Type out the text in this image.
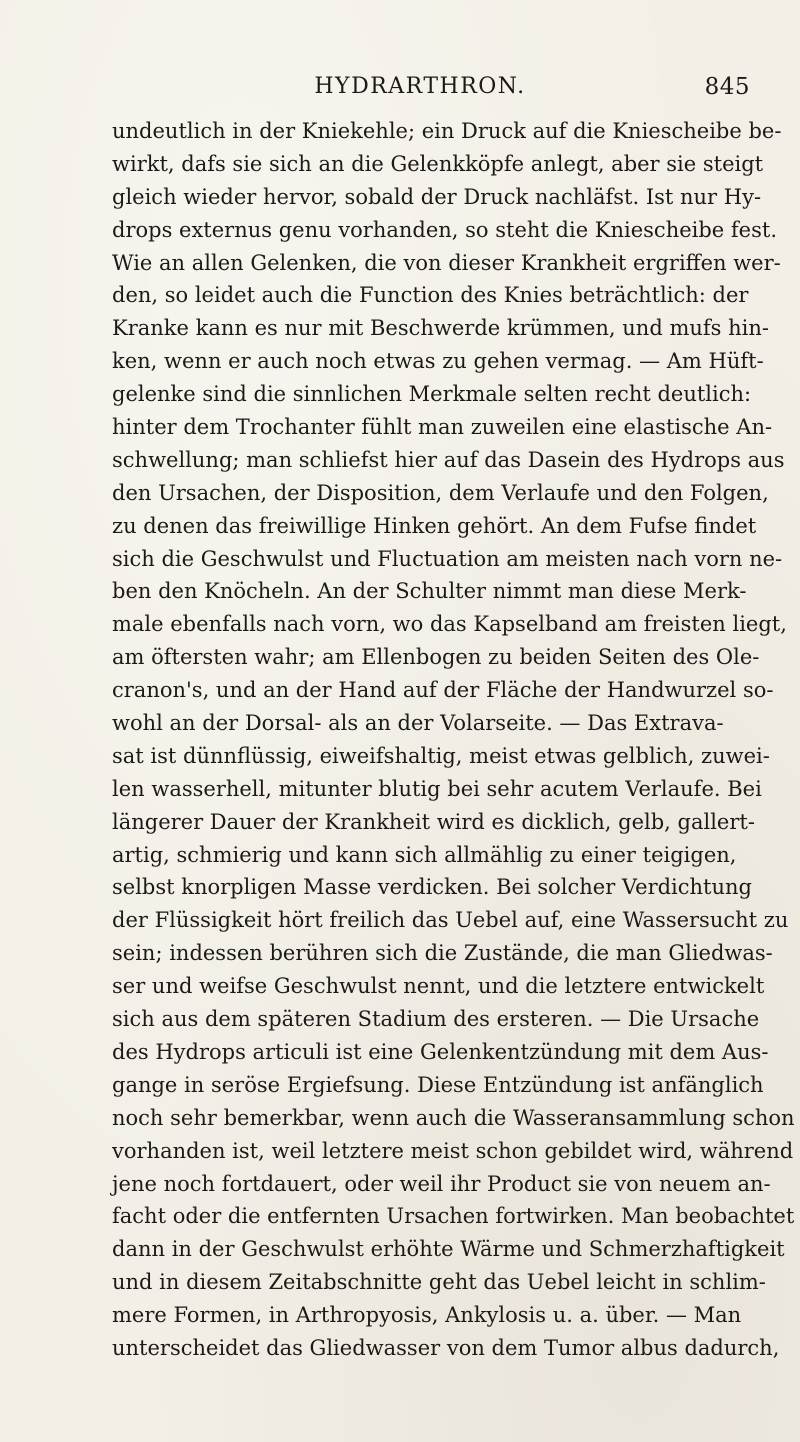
HYDRARTHRON.	845
undeutlich in der Kniekehle; ein Druck auf die Kniescheibe be-
wirkt, dafs sie sich an die Gelenkköpfe anlegt, aber sie steigt
gleich wieder hervor, sobald der Druck nachläfst. Ist nur Hy-
drops externus genu vorhanden, so steht die Kniescheibe fest.
Wie an allen Gelenken, die von dieser Krankheit ergriffen wer-
den, so leidet auch die Function des Knies beträchtlich: der
Kranke kann es nur mit Beschwerde krümmen, und mufs hin-
ken, wenn er auch noch etwas zu gehen vermag. — Am Hüft-
gelenke sind die sinnlichen Merkmale selten recht deutlich:
hinter dem Trochanter fühlt man zuweilen eine elastische An-
schwellung; man schliefst hier auf das Dasein des Hydrops aus
den Ursachen, der Disposition, dem Verlaufe und den Folgen,
zu denen das freiwillige Hinken gehört. An dem Fufse findet
sich die Geschwulst und Fluctuation am meisten nach vorn ne-
ben den Knöcheln. An der Schulter nimmt man diese Merk-
male ebenfalls nach vorn, wo das Kapselband am freisten liegt,
am öftersten wahr; am Ellenbogen zu beiden Seiten des Ole-
cranon's, und an der Hand auf der Fläche der Handwurzel so-
wohl an der Dorsal- als an der Volarseite. — Das Extrava-
sat ist dünnflüssig, eiweifshaltig, meist etwas gelblich, zuwei-
len wasserhell, mitunter blutig bei sehr acutem Verlaufe. Bei
längerer Dauer der Krankheit wird es dicklich, gelb, gallert-
artig, schmierig und kann sich allmählig zu einer teigigen,
selbst knorpligen Masse verdicken. Bei solcher Verdichtung
der Flüssigkeit hört freilich das Uebel auf, eine Wassersucht zu
sein; indessen berühren sich die Zustände, die man Gliedwas-
ser und weifse Geschwulst nennt, und die letztere entwickelt
sich aus dem späteren Stadium des ersteren. — Die Ursache
des Hydrops articuli ist eine Gelenkentzündung mit dem Aus-
gange in seröse Ergiefsung. Diese Entzündung ist anfänglich
noch sehr bemerkbar, wenn auch die Wasseransammlung schon
vorhanden ist, weil letztere meist schon gebildet wird, während
jene noch fortdauert, oder weil ihr Product sie von neuem an-
facht oder die entfernten Ursachen fortwirken. Man beobachtet
dann in der Geschwulst erhöhte Wärme und Schmerzhaftigkeit
und in diesem Zeitabschnitte geht das Uebel leicht in schlim-
mere Formen, in Arthropyosis, Ankylosis u. a. über. — Man
unterscheidet das Gliedwasser von dem Tumor albus dadurch,
